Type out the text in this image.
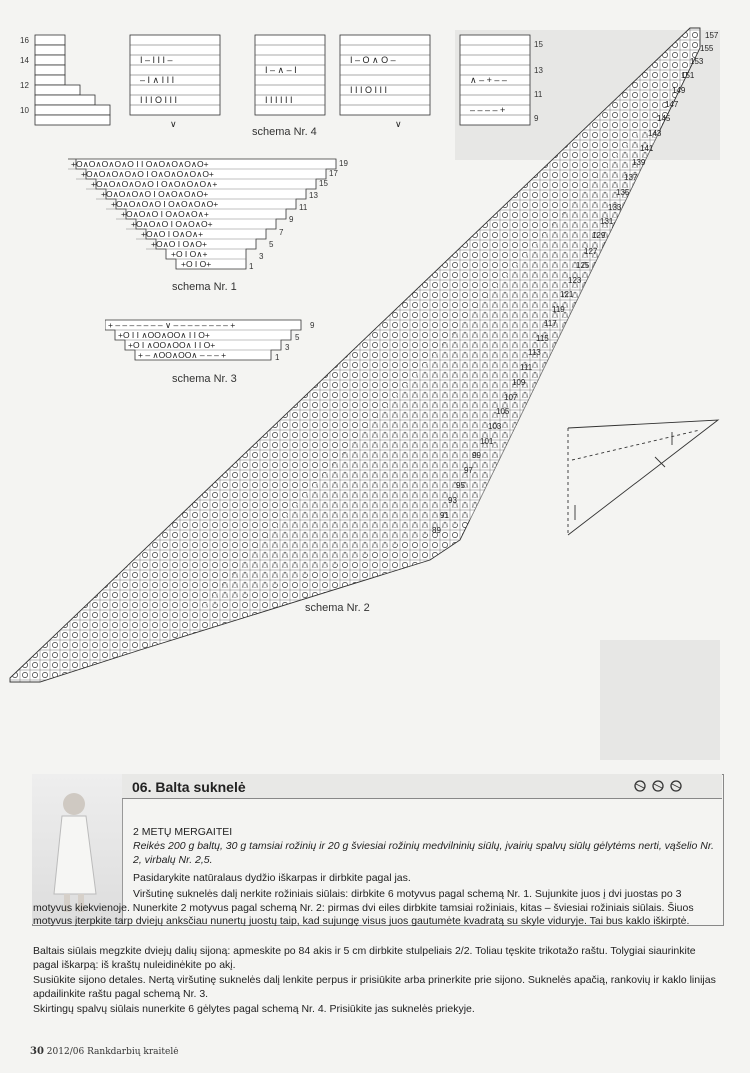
I – I I I –
– I ∧ I I I
I I I O I I I
I – ∧ – I
I I I I I I
I – O ∧ O –
I I I O I I I
∧ – + – –
– – – – +
∨	∨
16
14
12
10
15
13
11
9
schema Nr. 4
+O∧O∧O∧O∧O I I O∧O∧O∧O∧O+
+O∧O∧O∧O∧O I O∧O∧O∧O∧O+
+O∧O∧O∧O∧O I O∧O∧O∧O∧+
+O∧O∧O∧O I O∧O∧O∧O+
+O∧O∧O∧O I O∧O∧O∧O+
+O∧O∧O I O∧O∧O∧+
+O∧O∧O I O∧O∧O+
+O∧O I O∧O∧+
+O∧O I O∧O+
+O I O∧+
+O I O+
19
17
15
13
11
9
7
5
3
1
schema Nr. 1
+ – – – – – – – ∨ – – – – – – – – +
+O I I ∧OO∧OO∧ I I O+
+O I ∧OO∧OO∧ I I O+
+ – ∧OO∧OO∧ – – – +
9
5
3
1
schema Nr. 3
157
155
153
151
149
147
145
143
141
139
137
135
133
131
129
127
125
123
121
119
117
115
113
111
109
107
105
103
101
99
97
95
93
91
89
schema Nr. 2
06. Balta suknelė
2 METŲ MERGAITEI
Reikės 200 g baltų, 30 g tamsiai rožinių ir 20 g šviesiai rožinių medvilninių siūlų, įvairių spalvų siūlų gėlytėms nerti, vąšelio Nr. 2, virbalų Nr. 2,5.
Pasidarykite natūralaus dydžio iškarpas ir dirbkite pagal jas.
Viršutinę suknelės dalį nerkite rožiniais siūlais: dirbkite 6 motyvus pagal schemą Nr. 1. Sujunkite juos į dvi juostas po 3 motyvus kiekvienoje. Nunerkite 2 motyvus pagal schemą Nr. 2: pirmas dvi eiles dirbkite tamsiai rožiniais, kitas – šviesiai rožiniais siūlais. Šiuos motyvus įterpkite tarp dviejų anksčiau nunertų juostų taip, kad sujungę visus juos gautumėte kvadratą su skyle viduryje. Tai bus kaklo iškirptė.
Baltais siūlais megzkite dviejų dalių sijoną: apmeskite po 84 akis ir 5 cm dirbkite stulpeliais 2/2. Toliau tęskite trikotažo raštu. Tolygiai siaurinkite pagal iškarpą: iš kraštų nuleidinėkite po akį.
Susiūkite sijono detales. Nertą viršutinę suknelės dalį lenkite perpus ir prisiūkite arba prinerkite prie sijono. Suknelės apačią, rankovių ir kaklo linijas apdailinkite raštu pagal schemą Nr. 3.
Skirtingų spalvų siūlais nunerkite 6 gėlytes pagal schemą Nr. 4. Prisiūkite jas suknelės priekyje.
30 2012/06 Rankdarbių kraitelė
